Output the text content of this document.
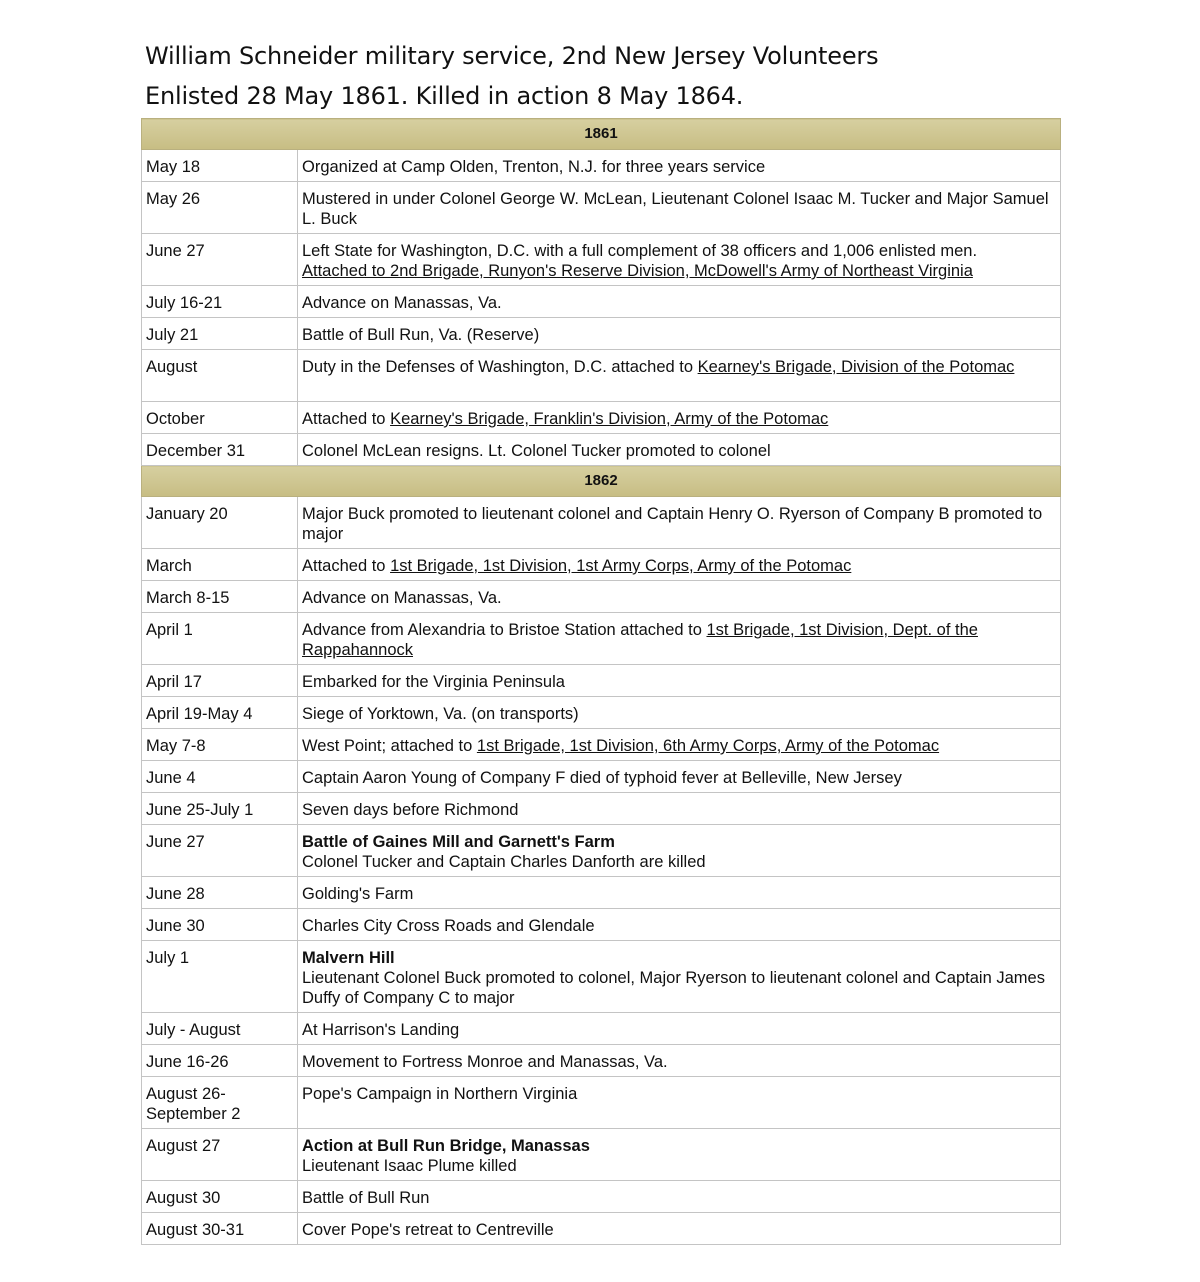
William Schneider military service, 2nd New Jersey Volunteers
Enlisted 28 May 1861. Killed in action 8 May 1864.
1861	
May 18	Organized at Camp Olden, Trenton, N.J. for three years service
May 26	Mustered in under Colonel George W. McLean, Lieutenant Colonel Isaac M. Tucker and Major Samuel L. Buck
June 27	Left State for Washington, D.C. with a full complement of 38 officers and 1,006 enlisted men.
Attached to 2nd Brigade, Runyon's Reserve Division, McDowell's Army of Northeast Virginia

July 16-21	Advance on Manassas, Va.
July 21	Battle of Bull Run, Va. (Reserve)
August	Duty in the Defenses of Washington, D.C. attached to Kearney's Brigade, Division of the Potomac
October	Attached to Kearney's Brigade, Franklin's Division, Army of the Potomac
December 31	Colonel McLean resigns. Lt. Colonel Tucker promoted to colonel
1862	
January 20	Major Buck promoted to lieutenant colonel and Captain Henry O. Ryerson of Company B promoted to major
March	Attached to 1st Brigade, 1st Division, 1st Army Corps, Army of the Potomac
March 8-15	Advance on Manassas, Va.
April 1	Advance from Alexandria to Bristoe Station attached to 1st Brigade, 1st Division, Dept. of the Rappahannock
April 17	Embarked for the Virginia Peninsula
April 19-May 4	Siege of Yorktown, Va. (on transports)
May 7-8	West Point; attached to 1st Brigade, 1st Division, 6th Army Corps, Army of the Potomac
June 4	Captain Aaron Young of Company F died of typhoid fever at Belleville, New Jersey
June 25-July 1	Seven days before Richmond
June 27	Battle of Gaines Mill and Garnett's Farm
Colonel Tucker and Captain Charles Danforth are killed

June 28	Golding's Farm
June 30	Charles City Cross Roads and Glendale
July 1	Malvern Hill
Lieutenant Colonel Buck promoted to colonel, Major Ryerson to lieutenant colonel and Captain James Duffy of Company C to major

July - August	At Harrison's Landing
June 16-26	Movement to Fortress Monroe and Manassas, Va.
August 26-September 2	Pope's Campaign in Northern Virginia
August 27	Action at Bull Run Bridge, Manassas
Lieutenant Isaac Plume killed

August 30	Battle of Bull Run
August 30-31	Cover Pope's retreat to Centreville
